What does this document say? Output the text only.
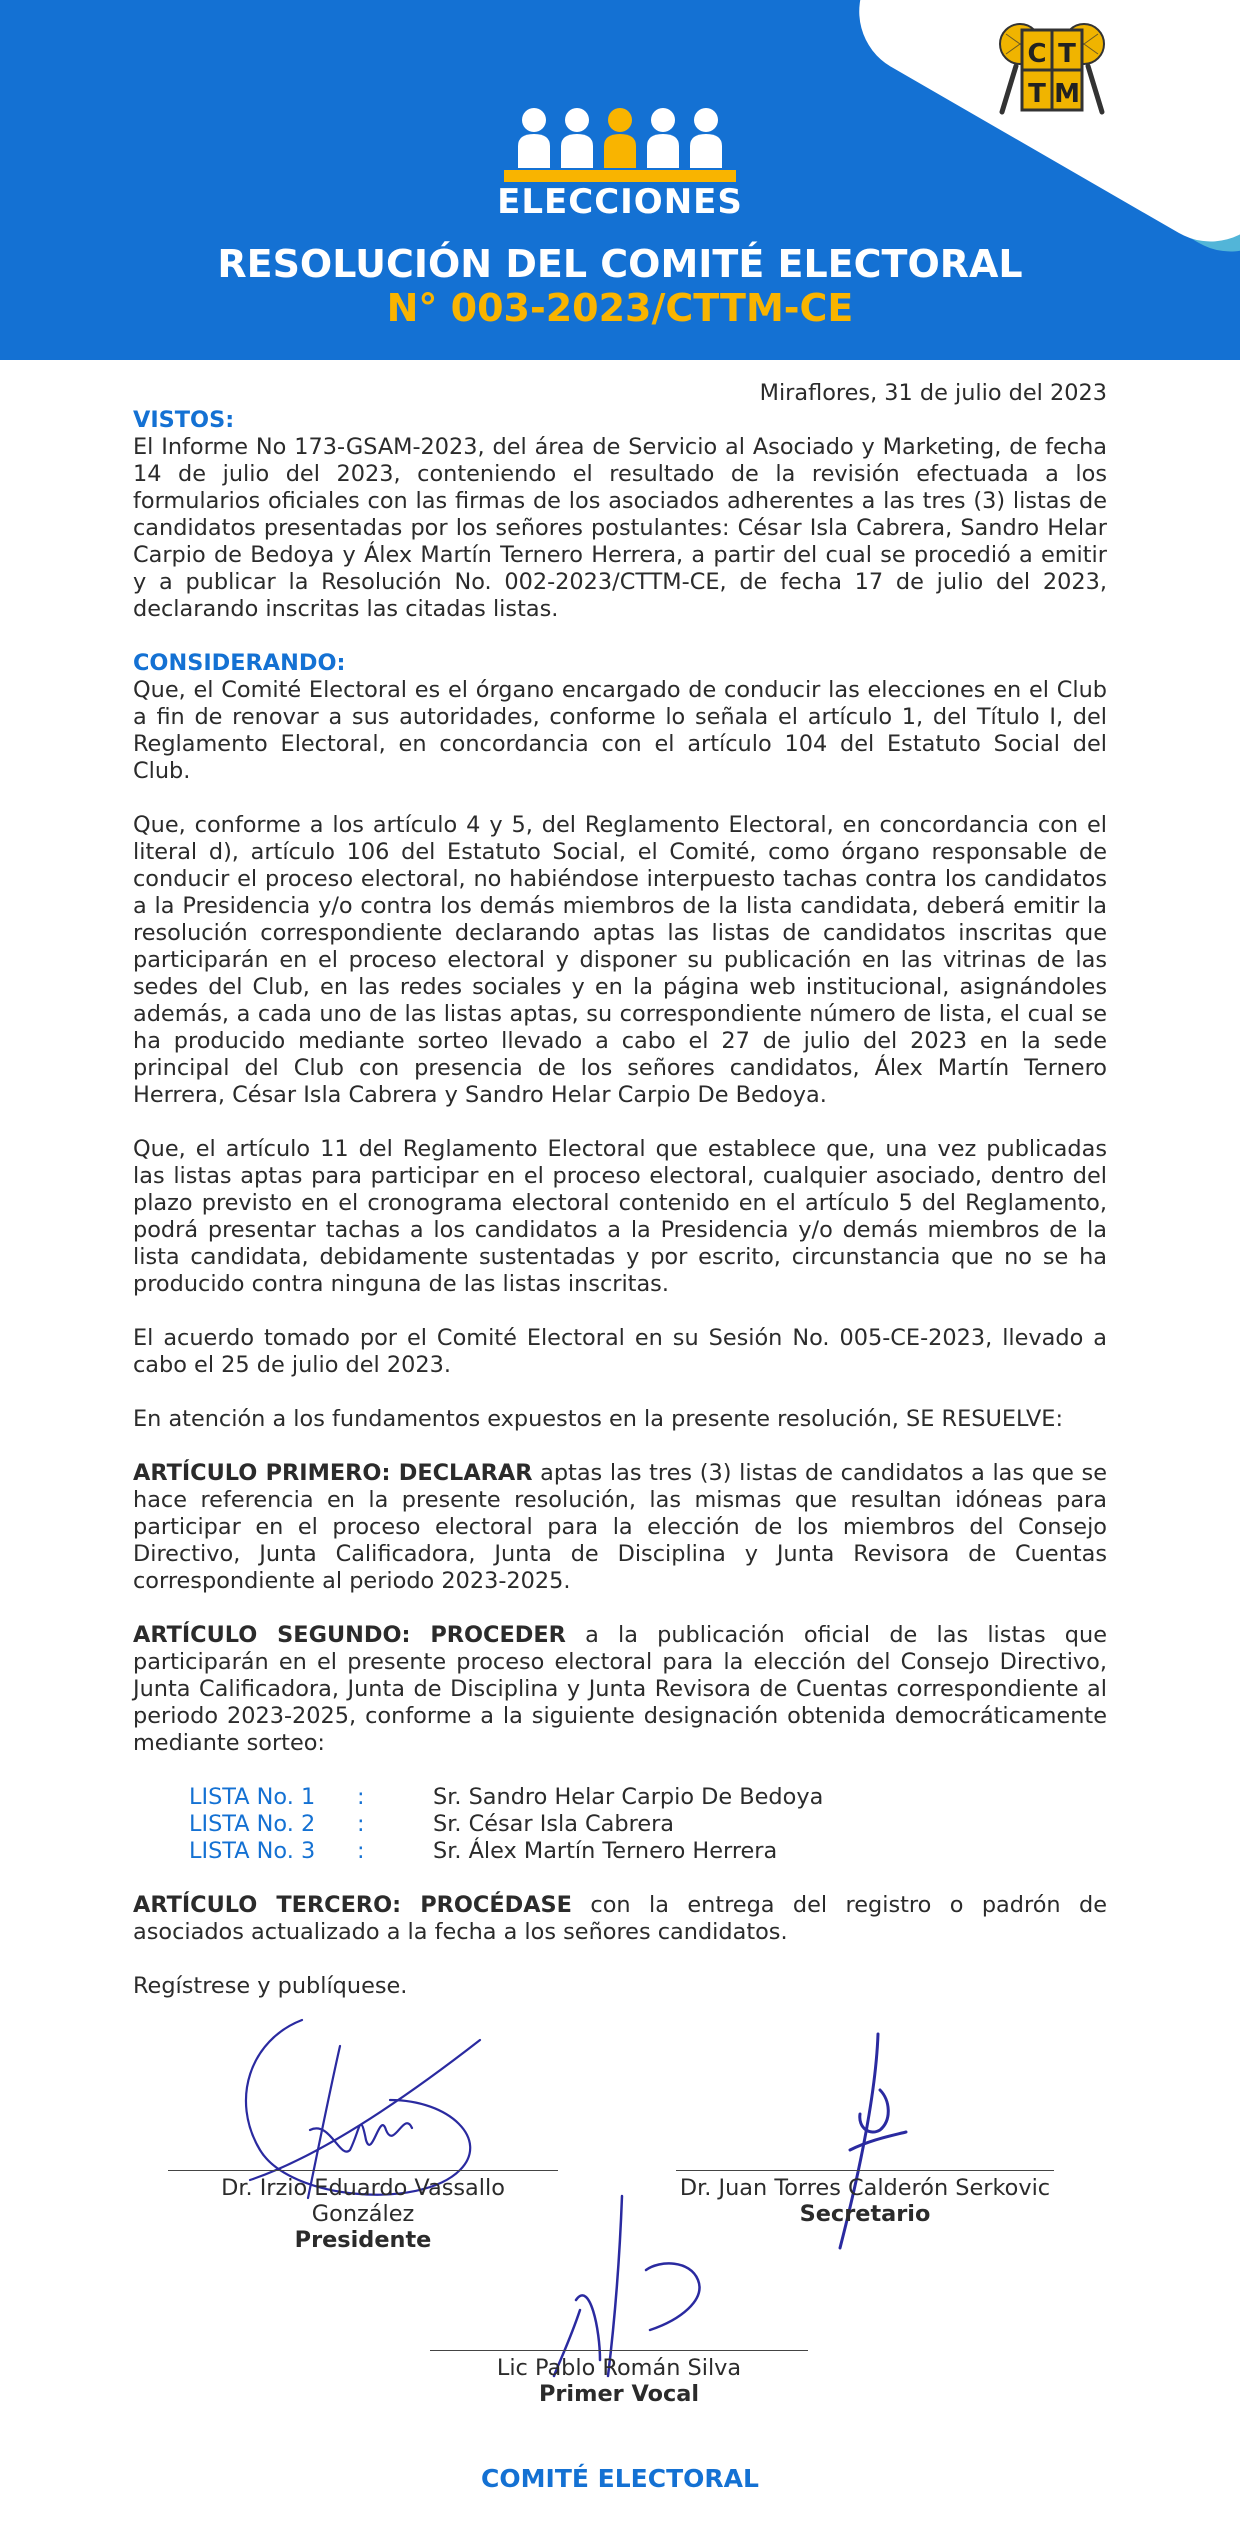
C T
T M
ELECCIONES
RESOLUCIÓN DEL COMITÉ ELECTORAL
N° 003-2023/CTTM-CE
Miraflores, 31 de julio del 2023
VISTOS:

El Informe No 173-GSAM-2023, del área de Servicio al Asociado y Marketing, de fecha 14 de julio del 2023, conteniendo el resultado de la revisión efectuada a los formularios oficiales con las firmas de los asociados adherentes a las tres (3) listas de candidatos presentadas por los señores postulantes: César Isla Cabrera, Sandro Helar Carpio de Bedoya y Álex Martín Ternero Herrera, a partir del cual se procedió a emitir y a publicar la Resolución No. 002-2023/CTTM-CE, de fecha 17 de julio del 2023, declarando inscritas las citadas listas.

CONSIDERANDO:

Que, el Comité Electoral es el órgano encargado de conducir las elecciones en el Club a fin de renovar a sus autoridades, conforme lo señala el artículo 1, del Título I, del Reglamento Electoral, en concordancia con el artículo 104 del Estatuto Social del Club.

Que, conforme a los artículo 4 y 5, del Reglamento Electoral, en concordancia con el literal d), artículo 106 del Estatuto Social, el Comité, como órgano responsable de conducir el proceso electoral, no habiéndose interpuesto tachas contra los candidatos a la Presidencia y/o contra los demás miembros de la lista candidata, deberá emitir la resolución correspondiente declarando aptas las listas de candidatos inscritas que participarán en el proceso electoral y disponer su publicación en las vitrinas de las sedes del Club, en las redes sociales y en la página web institucional, asignándoles además, a cada uno de las listas aptas, su correspondiente número de lista, el cual se ha producido mediante sorteo llevado a cabo el 27 de julio del 2023 en la sede principal del Club con presencia de los señores candidatos, Álex Martín Ternero Herrera, César Isla Cabrera y Sandro Helar Carpio De Bedoya.

Que, el artículo 11 del Reglamento Electoral que establece que, una vez publicadas las listas aptas para participar en el proceso electoral, cualquier asociado, dentro del plazo previsto en el cronograma electoral contenido en el artículo 5 del Reglamento, podrá presentar tachas a los candidatos a la Presidencia y/o demás miembros de la lista candidata, debidamente sustentadas y por escrito, circunstancia que no se ha producido contra ninguna de las listas inscritas.

El acuerdo tomado por el Comité Electoral en su Sesión No. 005-CE-2023, llevado a cabo el 25 de julio del 2023.

En atención a los fundamentos expuestos en la presente resolución, SE RESUELVE:

ARTÍCULO PRIMERO: DECLARAR aptas las tres (3) listas de candidatos a las que se hace referencia en la presente resolución, las mismas que resultan idóneas para participar en el proceso electoral para la elección de los miembros del Consejo Directivo, Junta Calificadora, Junta de Disciplina y Junta Revisora de Cuentas correspondiente al periodo 2023-2025.

ARTÍCULO SEGUNDO: PROCEDER a la publicación oficial de las listas que participarán en el presente proceso electoral para la elección del Consejo Directivo, Junta Calificadora, Junta de Disciplina y Junta Revisora de Cuentas correspondiente al periodo 2023-2025, conforme a la siguiente designación obtenida democráticamente mediante sorteo:

LISTA No. 1	:	Sr. Sandro Helar Carpio De Bedoya
LISTA No. 2	:	Sr. César Isla Cabrera
LISTA No. 3	:	Sr. Álex Martín Ternero Herrera

ARTÍCULO TERCERO: PROCÉDASE con la entrega del registro o padrón de asociados actualizado a la fecha a los señores candidatos.

Regístrese y publíquese.

Dr. Irzio Eduardo Vassallo González
Presidente
Dr. Juan Torres Calderón Serkovic
Secretario
Lic Pablo Román Silva
Primer Vocal
COMITÉ ELECTORAL
